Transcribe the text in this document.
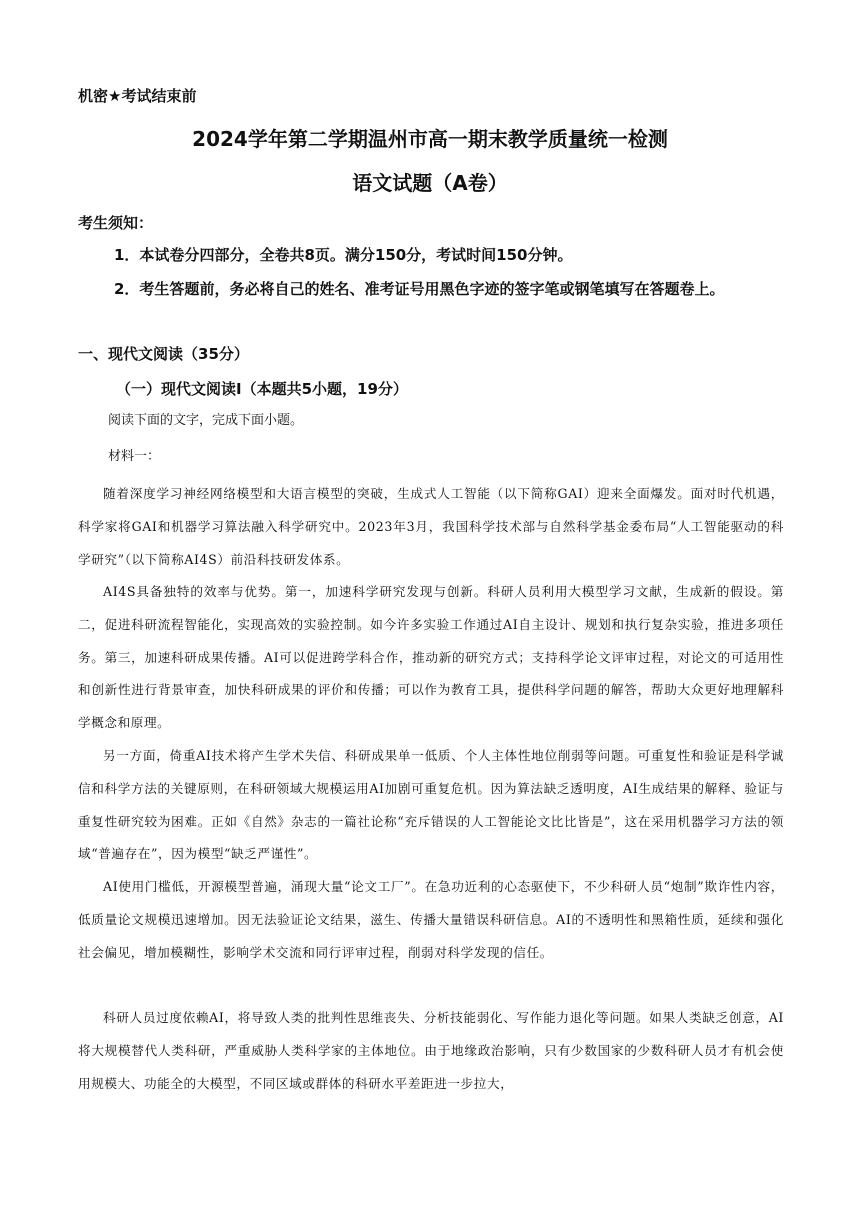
机密★考试结束前
2024学年第二学期温州市高一期末教学质量统一检测
语文试题（A卷）
考生须知：
1．本试卷分四部分，全卷共8页。满分150分，考试时间150分钟。
2．考生答题前，务必将自己的姓名、准考证号用黑色字迹的签字笔或钢笔填写在答题卷上。
一、现代文阅读（35分）
（一）现代文阅读Ⅰ（本题共5小题，19分）
阅读下面的文字，完成下面小题。
材料一：

随着深度学习神经网络模型和大语言模型的突破，生成式人工智能（以下简称GAI）迎来全面爆发。面对时代机遇，科学家将GAI和机器学习算法融入科学研究中。2023年3月，我国科学技术部与自然科学基金委布局“人工智能驱动的科学研究”（以下简称AI4S）前沿科技研发体系。

AI4S具备独特的效率与优势。第一，加速科学研究发现与创新。科研人员利用大模型学习文献，生成新的假设。第二，促进科研流程智能化，实现高效的实验控制。如今许多实验工作通过AI自主设计、规划和执行复杂实验，推进多项任务。第三，加速科研成果传播。AI可以促进跨学科合作，推动新的研究方式；支持科学论文评审过程，对论文的可适用性和创新性进行背景审查，加快科研成果的评价和传播；可以作为教育工具，提供科学问题的解答，帮助大众更好地理解科学概念和原理。

另一方面，倚重AI技术将产生学术失信、科研成果单一低质、个人主体性地位削弱等问题。可重复性和验证是科学诚信和科学方法的关键原则，在科研领域大规模运用AI加剧可重复危机。因为算法缺乏透明度，AI生成结果的解释、验证与重复性研究较为困难。正如《自然》杂志的一篇社论称“充斥错误的人工智能论文比比皆是”，这在采用机器学习方法的领域“普遍存在”，因为模型“缺乏严谨性”。

AI使用门槛低，开源模型普遍，涌现大量“论文工厂”。在急功近利的心态驱使下，不少科研人员“炮制”欺诈性内容，低质量论文规模迅速增加。因无法验证论文结果，滋生、传播大量错误科研信息。AI的不透明性和黑箱性质，延续和强化社会偏见，增加模糊性，影响学术交流和同行评审过程，削弱对科学发现的信任。

科研人员过度依赖AI，将导致人类的批判性思维丧失、分析技能弱化、写作能力退化等问题。如果人类缺乏创意，AI将大规模替代人类科研，严重威胁人类科学家的主体地位。由于地缘政治影响，只有少数国家的少数科研人员才有机会使用规模大、功能全的大模型，不同区域或群体的科研水平差距进一步拉大，
